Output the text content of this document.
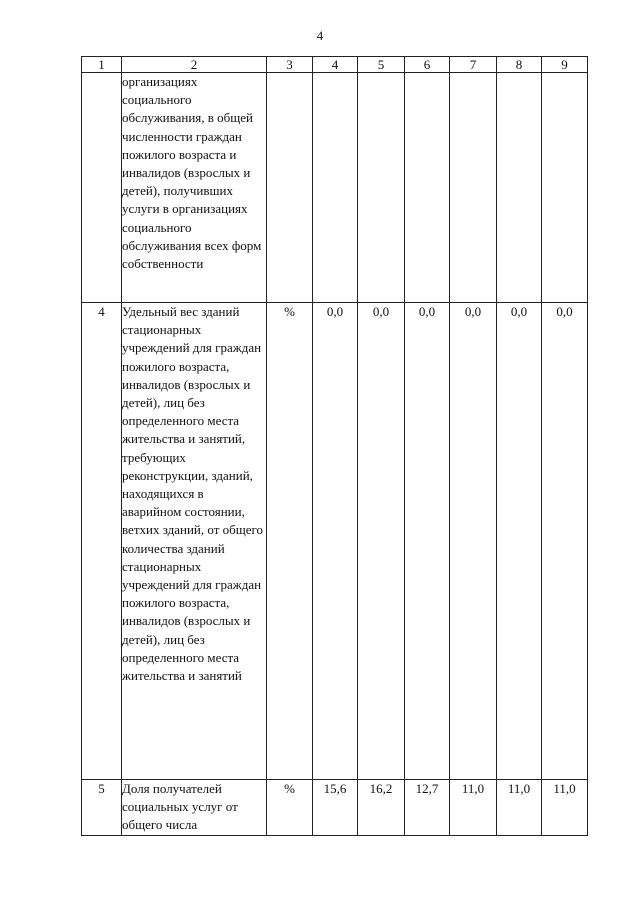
4
1	2	3	4	5	6	7	8	9

	организациях социального обслуживания, в общей численности граждан пожилого возраста и инвалидов (взрослых и детей), получивших услуги в организациях социального обслуживания всех форм собственности							

4	Удельный вес зданий стационарных учреждений для граждан пожилого возраста, инвалидов (взрослых и детей), лиц без определенного места жительства и занятий, требующих реконструкции, зданий, находящихся в аварийном состоянии, ветхих зданий, от общего количества зданий стационарных учреждений для граждан пожилого возраста, инвалидов (взрослых и детей), лиц без определенного места жительства и занятий	%	0,0	0,0	0,0	0,0	0,0	0,0
5	Доля получателей социальных услуг от общего числа	%	15,6	16,2	12,7	11,0	11,0	11,0
